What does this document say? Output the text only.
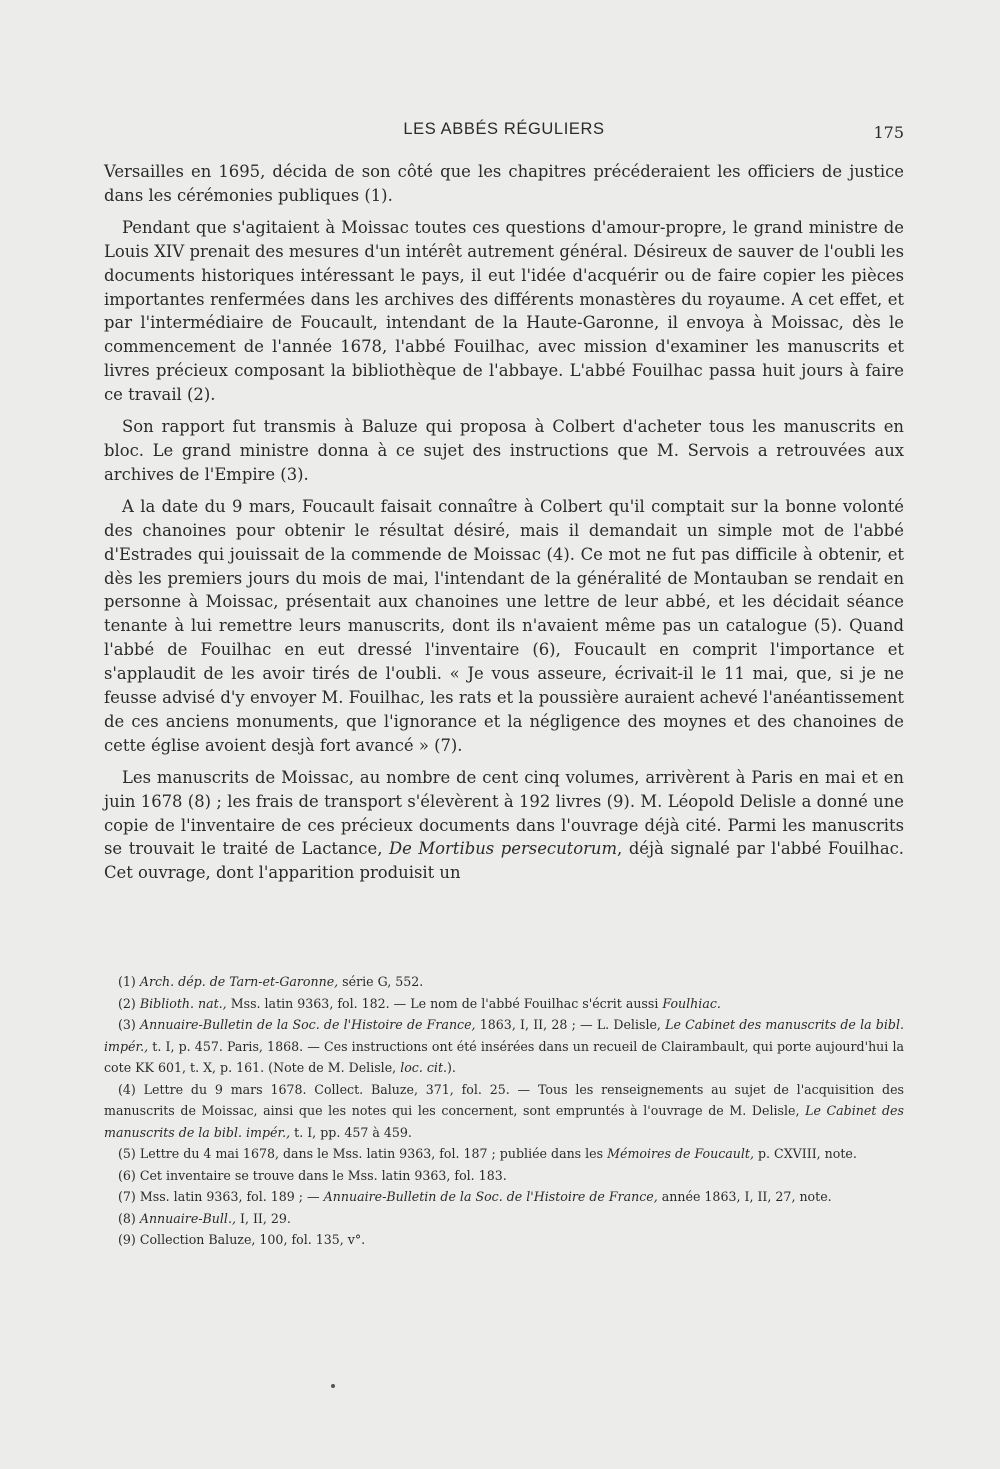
LES ABBÉS RÉGULIERS	175

Versailles en 1695, décida de son côté que les chapitres précéderaient les officiers de justice dans les cérémonies publiques (1).

Pendant que s'agitaient à Moissac toutes ces questions d'amour-propre, le grand ministre de Louis XIV prenait des mesures d'un intérêt autrement général. Désireux de sauver de l'oubli les documents historiques intéressant le pays, il eut l'idée d'acquérir ou de faire copier les pièces importantes renfermées dans les archives des différents monastères du royaume. A cet effet, et par l'intermédiaire de Foucault, intendant de la Haute-Garonne, il envoya à Moissac, dès le commencement de l'année 1678, l'abbé Fouilhac, avec mission d'examiner les manuscrits et livres précieux composant la bibliothèque de l'abbaye. L'abbé Fouilhac passa huit jours à faire ce travail (2).

Son rapport fut transmis à Baluze qui proposa à Colbert d'acheter tous les manuscrits en bloc. Le grand ministre donna à ce sujet des instructions que M. Servois a retrouvées aux archives de l'Empire (3).

A la date du 9 mars, Foucault faisait connaître à Colbert qu'il comptait sur la bonne volonté des chanoines pour obtenir le résultat désiré, mais il demandait un simple mot de l'abbé d'Estrades qui jouissait de la commende de Moissac (4). Ce mot ne fut pas difficile à obtenir, et dès les premiers jours du mois de mai, l'intendant de la généralité de Montauban se rendait en personne à Moissac, présentait aux chanoines une lettre de leur abbé, et les décidait séance tenante à lui remettre leurs manuscrits, dont ils n'avaient même pas un catalogue (5). Quand l'abbé de Fouilhac en eut dressé l'inventaire (6), Foucault en comprit l'importance et s'applaudit de les avoir tirés de l'oubli. « Je vous asseure, écrivait-il le 11 mai, que, si je ne feusse advisé d'y envoyer M. Fouilhac, les rats et la poussière auraient achevé l'anéantissement de ces anciens monuments, que l'ignorance et la négligence des moynes et des chanoines de cette église avoient desjà fort avancé » (7).

Les manuscrits de Moissac, au nombre de cent cinq volumes, arrivèrent à Paris en mai et en juin 1678 (8) ; les frais de transport s'élevèrent à 192 livres (9). M. Léopold Delisle a donné une copie de l'inventaire de ces précieux documents dans l'ouvrage déjà cité. Parmi les manuscrits se trouvait le traité de Lactance, De Mortibus persecutorum, déjà signalé par l'abbé Fouilhac. Cet ouvrage, dont l'apparition produisit un

(1) Arch. dép. de Tarn-et-Garonne, série G, 552.

(2) Biblioth. nat., Mss. latin 9363, fol. 182. — Le nom de l'abbé Fouilhac s'écrit aussi Foulhiac.

(3) Annuaire-Bulletin de la Soc. de l'Histoire de France, 1863, I, II, 28 ; — L. Delisle, Le Cabinet des manuscrits de la bibl. impér., t. I, p. 457. Paris, 1868. — Ces instructions ont été insérées dans un recueil de Clairambault, qui porte aujourd'hui la cote KK 601, t. X, p. 161. (Note de M. Delisle, loc. cit.).

(4) Lettre du 9 mars 1678. Collect. Baluze, 371, fol. 25. — Tous les renseignements au sujet de l'acquisition des manuscrits de Moissac, ainsi que les notes qui les concernent, sont empruntés à l'ouvrage de M. Delisle, Le Cabinet des manuscrits de la bibl. impér., t. I, pp. 457 à 459.

(5) Lettre du 4 mai 1678, dans le Mss. latin 9363, fol. 187 ; publiée dans les Mémoires de Foucault, p. CXVIII, note.

(6) Cet inventaire se trouve dans le Mss. latin 9363, fol. 183.

(7) Mss. latin 9363, fol. 189 ; — Annuaire-Bulletin de la Soc. de l'Histoire de France, année 1863, I, II, 27, note.

(8) Annuaire-Bull., I, II, 29.

(9) Collection Baluze, 100, fol. 135, v°.
